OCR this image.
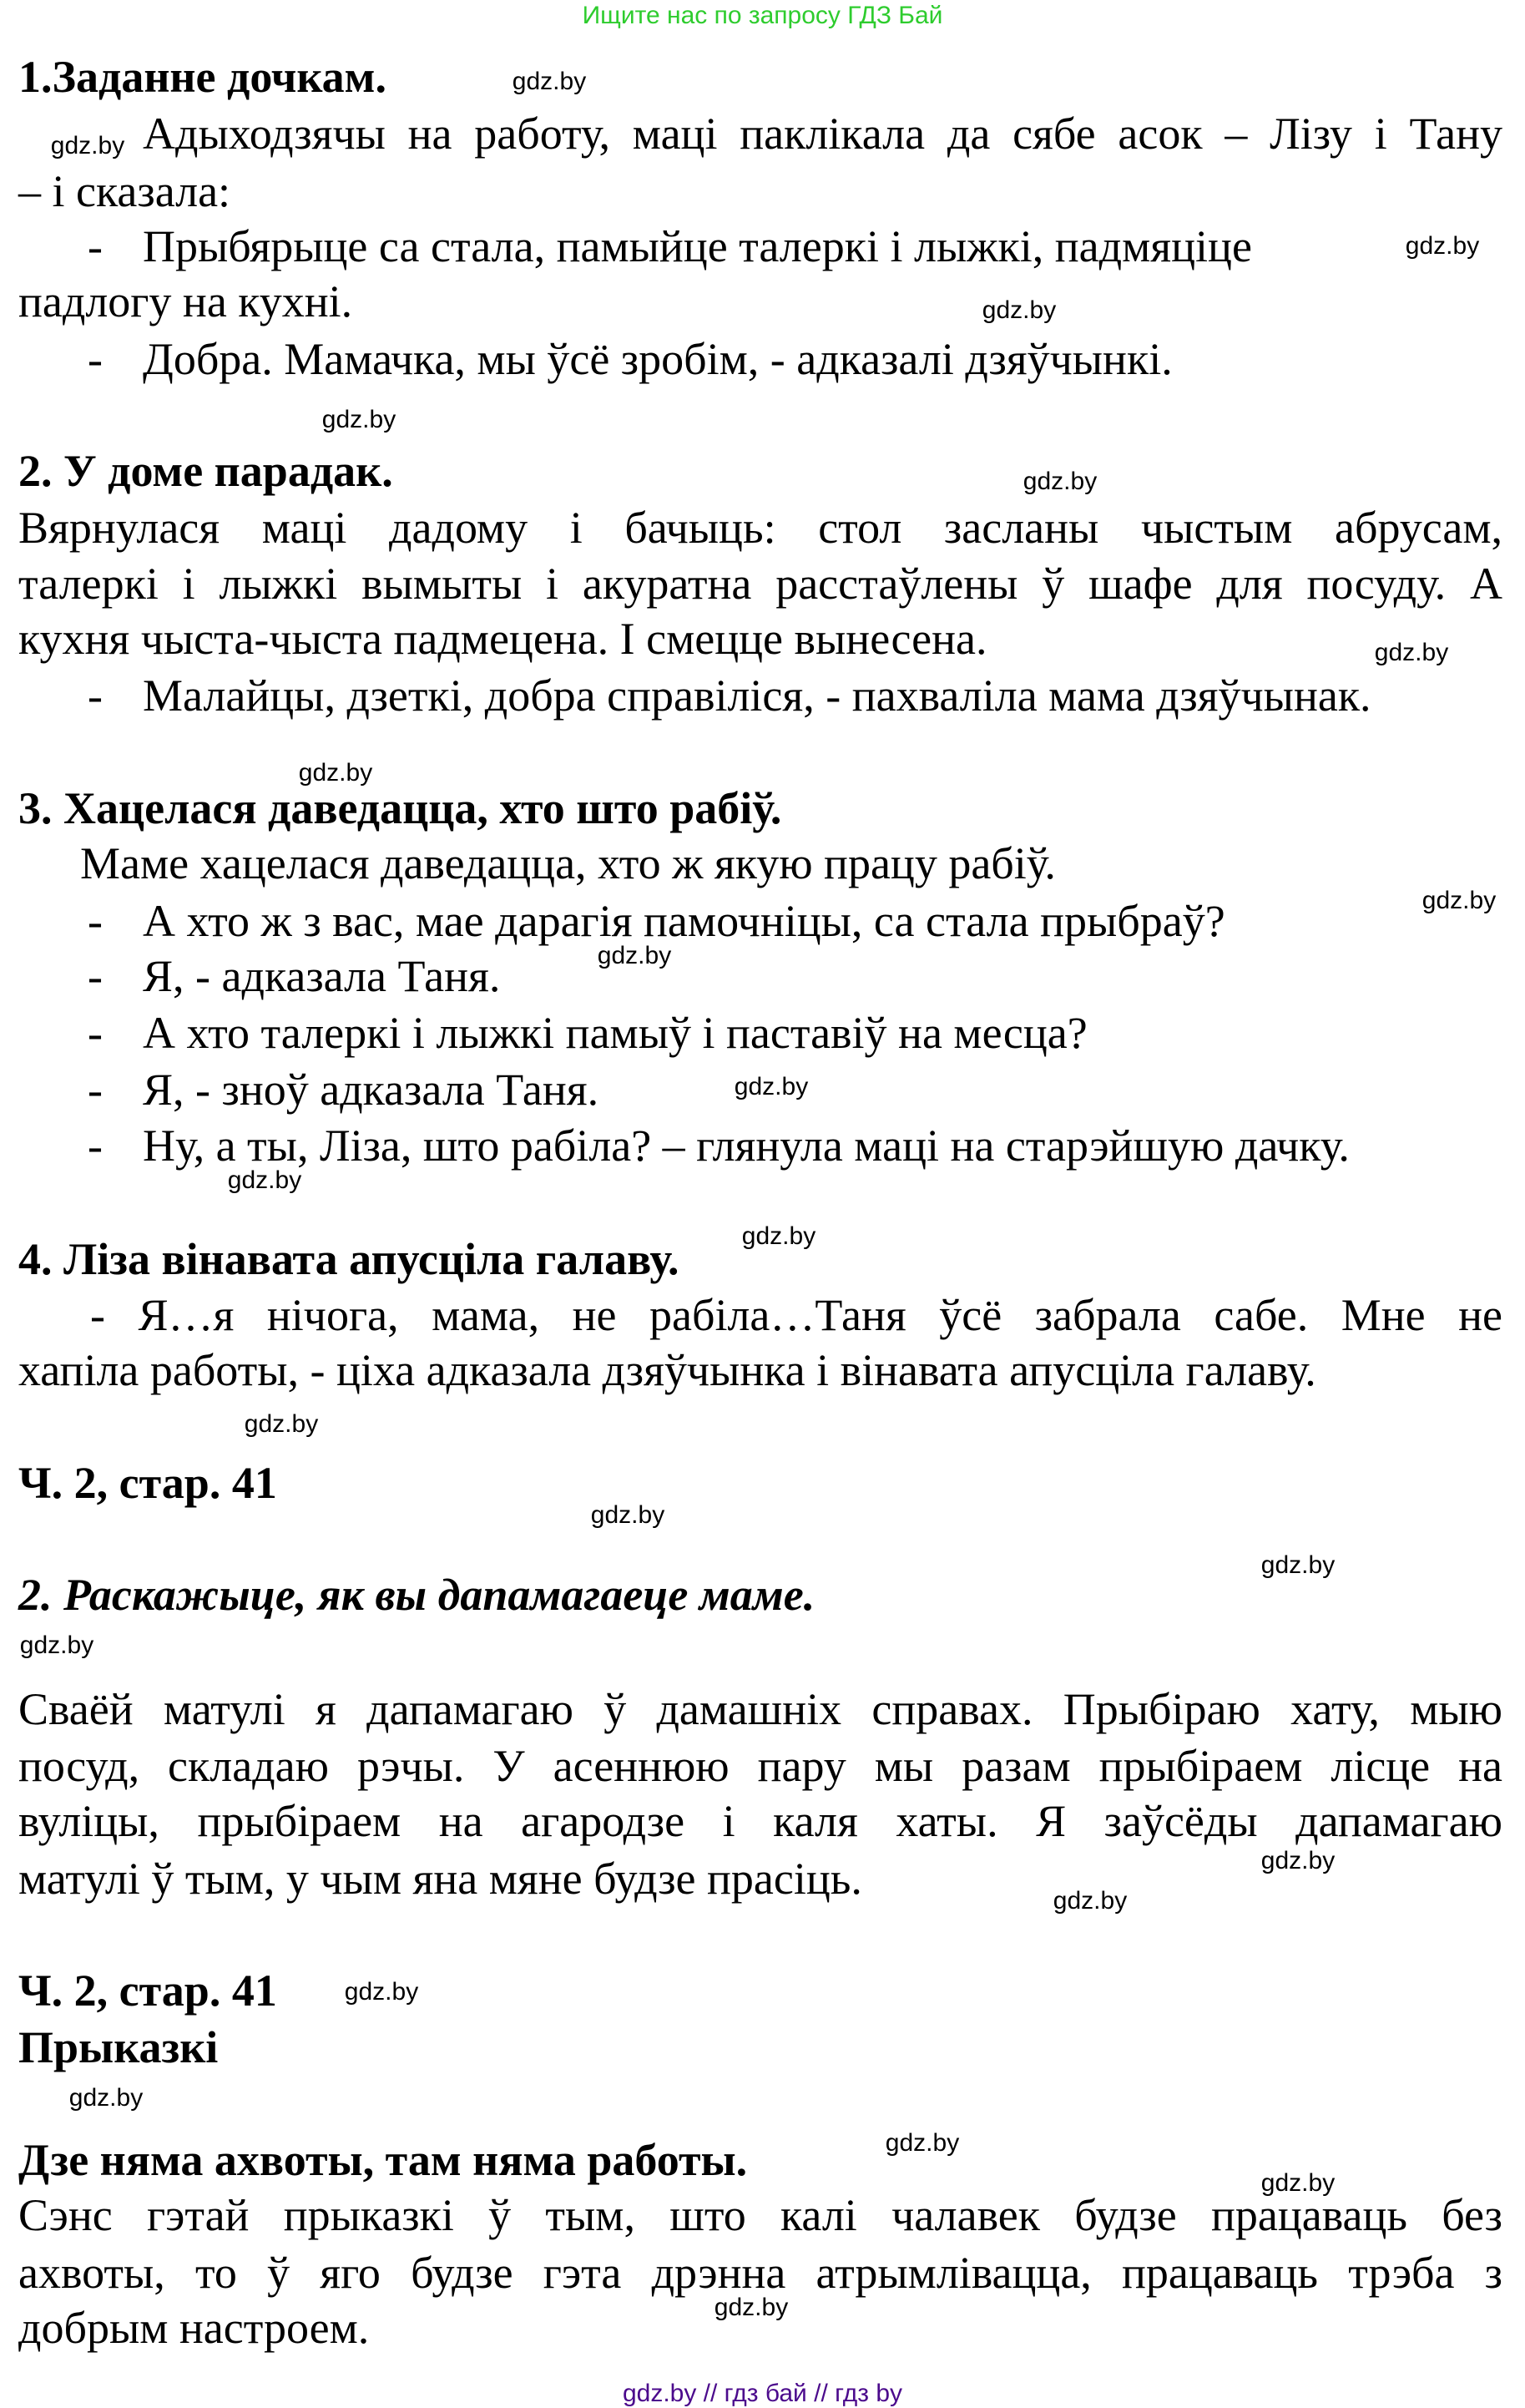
Ищите нас по запросу ГДЗ Бай
1.Заданне дочкам.
Адыходзячы на работу, маці паклікала да сябе асок – Лізу і Тану
– і сказала:
- Прыбярыце са стала, памыйце талеркі і лыжкі, падмяціце
падлогу на кухні.
- Добра. Мамачка, мы ўсё зробім, - адказалі дзяўчынкі.
2. У доме парадак.
Вярнулася маці дадому і бачыць: стол засланы чыстым абрусам,
талеркі і лыжкі вымыты і акуратна расстаўлены ў шафе для посуду. А
кухня чыста-чыста падмецена. І смецце вынесена.
- Малайцы, дзеткі, добра справіліся, - пахваліла мама дзяўчынак.
3. Хацелася даведацца, хто што рабіў.
Маме хацелася даведацца, хто ж якую працу рабіў.
- А хто ж з вас, мае дарагія памочніцы, са стала прыбраў?
- Я, - адказала Таня.
- А хто талеркі і лыжкі памыў і паставіў на месца?
- Я, - зноў адказала Таня.
- Ну, а ты, Ліза, што рабіла? – глянула маці на старэйшую дачку.
4. Ліза вінавата апусціла галаву.
- Я…я нічога, мама, не рабіла…Таня ўсё забрала сабе. Мне не
хапіла работы, - ціха адказала дзяўчынка і вінавата апусціла галаву.
Ч. 2, стар. 41
2. Раскажыце, як вы дапамагаеце маме.
Сваёй матулі я дапамагаю ў дамашніх справах. Прыбіраю хату, мыю
посуд, складаю рэчы. У асеннюю пару мы разам прыбіраем лісце на
вуліцы, прыбіраем на агародзе і каля хаты. Я заўсёды дапамагаю
матулі ў тым, у чым яна мяне будзе прасіць.
Ч. 2, стар. 41
Прыказкі
Дзе няма ахвоты, там няма работы.
Сэнс гэтай прыказкі ў тым, што калі чалавек будзе працаваць без
ахвоты, то ў яго будзе гэта дрэнна атрымлівацца, працаваць трэба з
добрым настроем.
gdz.by
gdz.by
gdz.by
gdz.by
gdz.by
gdz.by
gdz.by
gdz.by
gdz.by
gdz.by
gdz.by
gdz.by
gdz.by
gdz.by
gdz.by
gdz.by
gdz.by
gdz.by
gdz.by
gdz.by
gdz.by
gdz.by
gdz.by
gdz.by
gdz.by // гдз бай // гдз by
